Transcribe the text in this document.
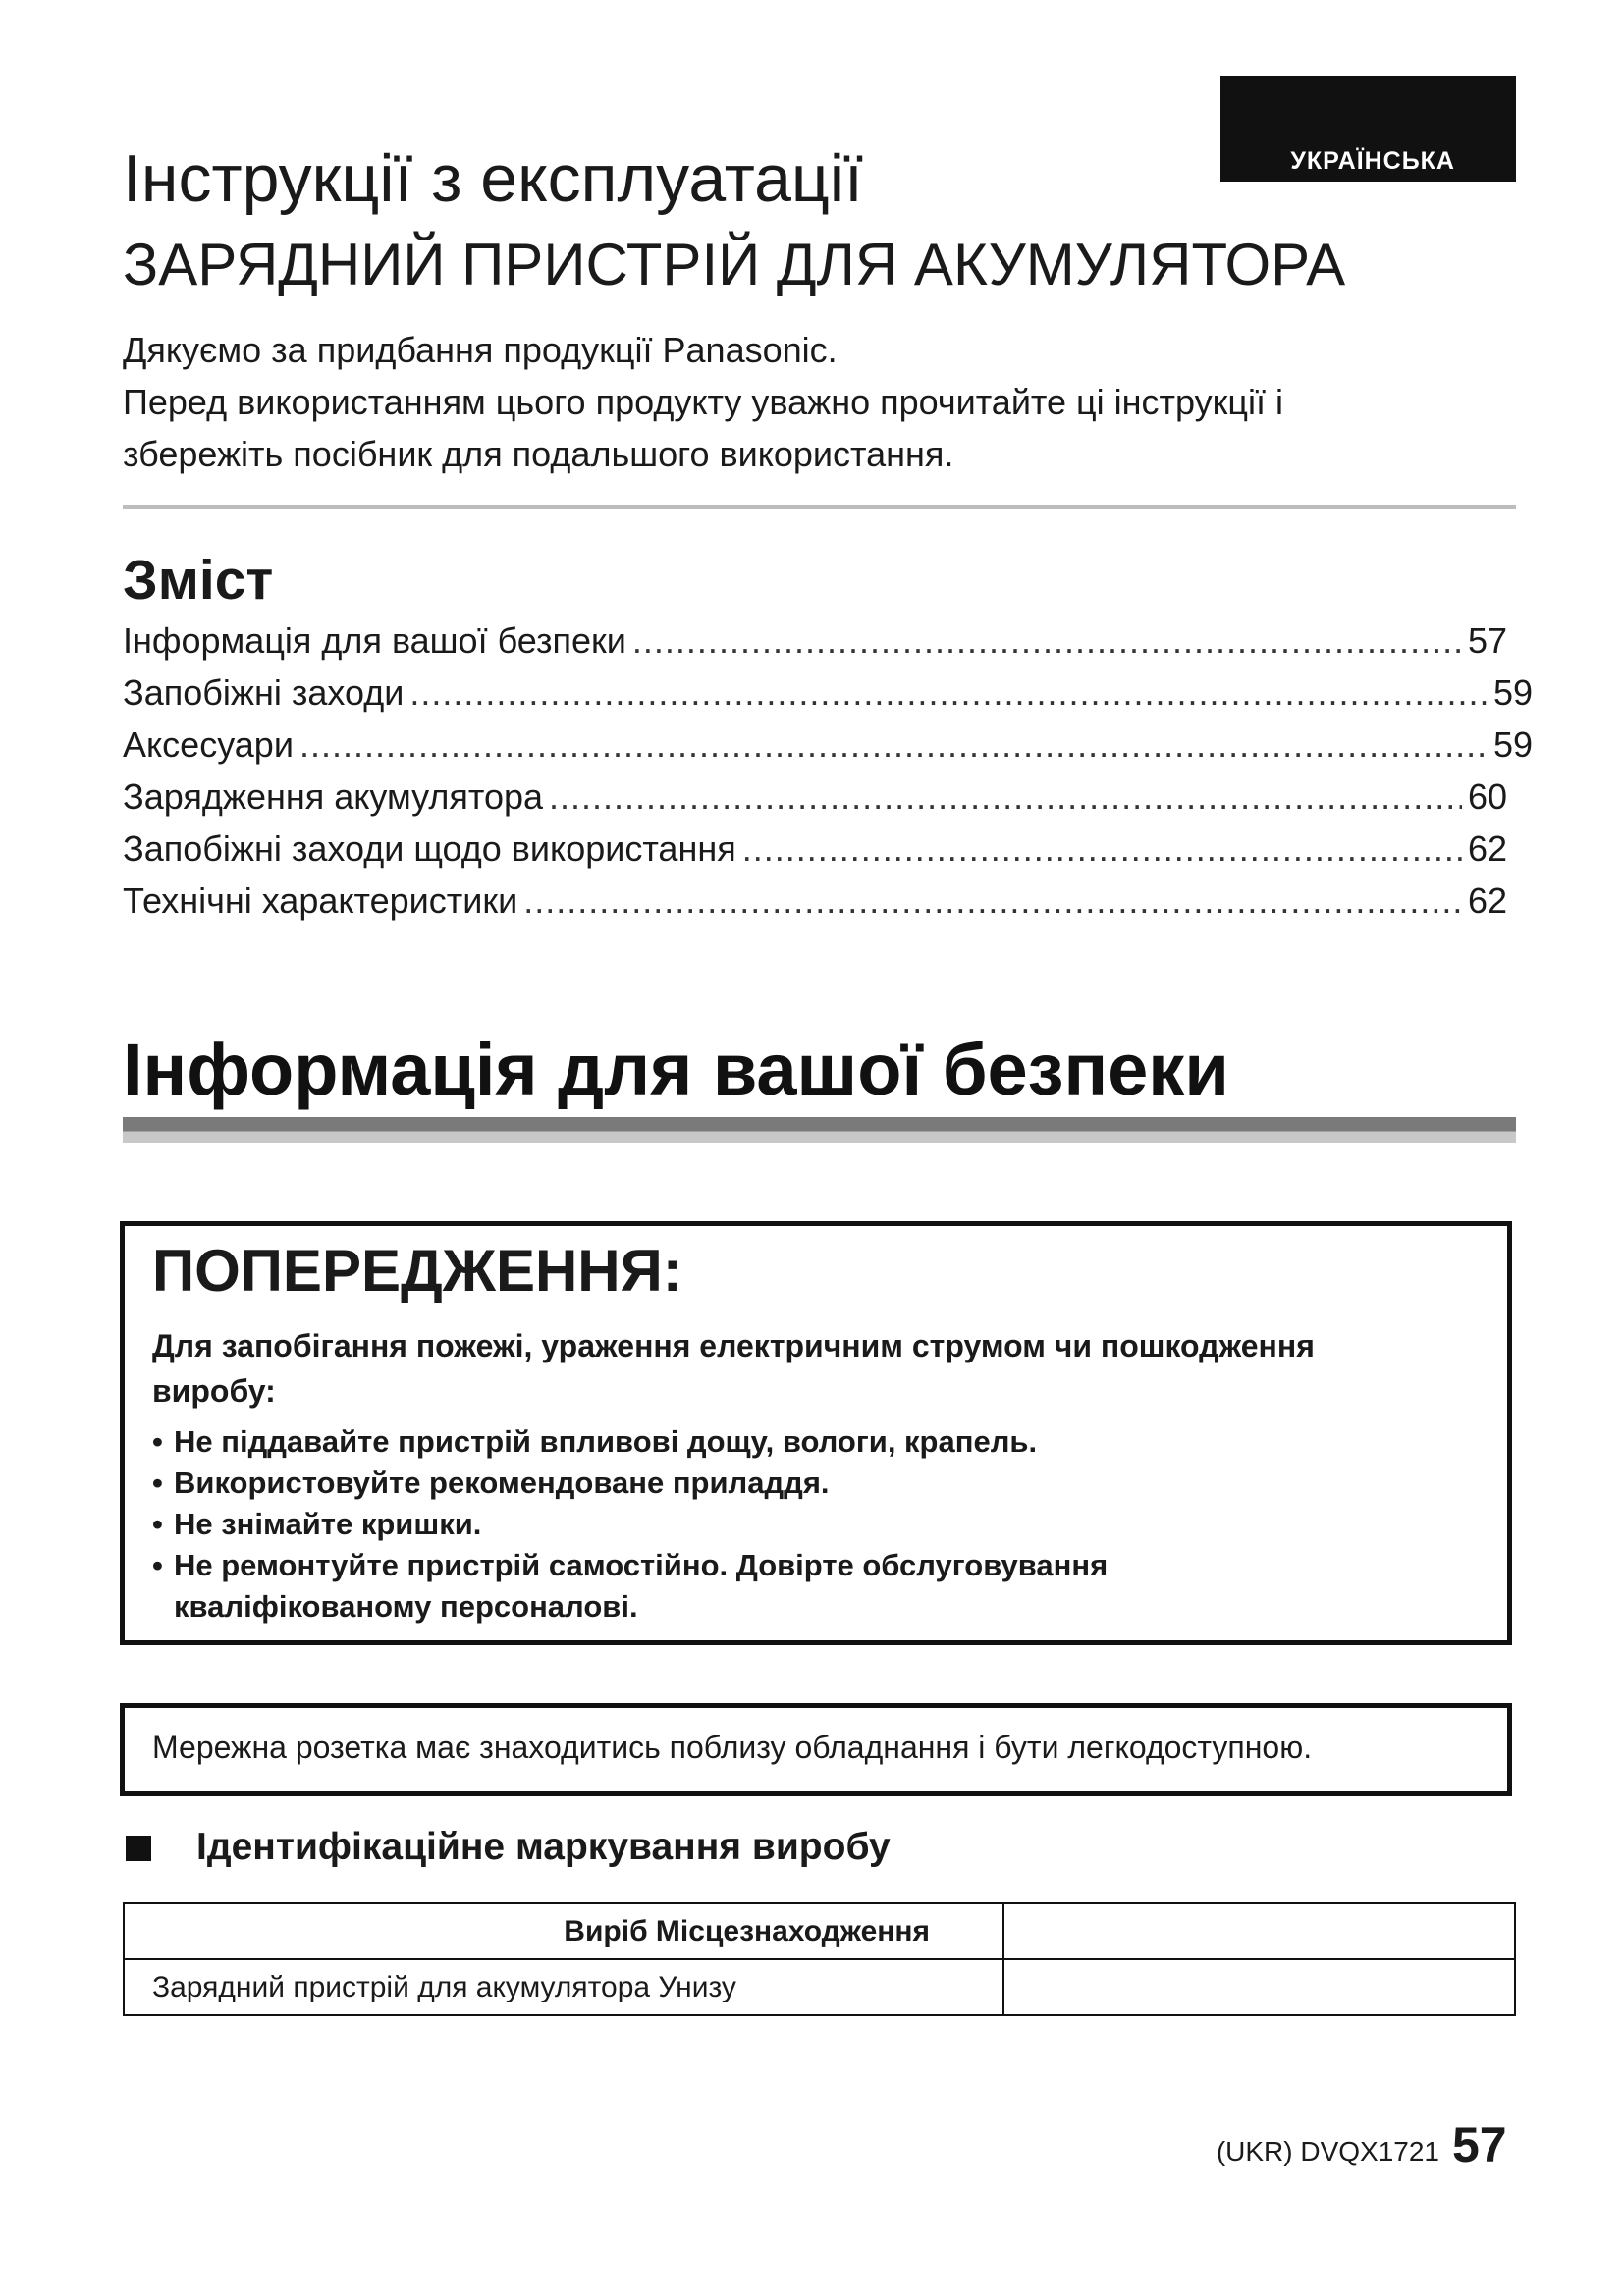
УКРАЇНСЬКА
Інструкції з експлуатації
ЗАРЯДНИЙ ПРИСТРІЙ ДЛЯ АКУМУЛЯТОРА
Дякуємо за придбання продукції Panasonic.
Перед використанням цього продукту уважно прочитайте ці інструкції і
збережіть посібник для подальшого використання.
Зміст
Інформація для вашої безпеки .....	57
Запобіжні заходи .....	59
Аксесуари .....	59
Зарядження акумулятора .....	60
Запобіжні заходи щодо використання .....	62
Технічні характеристики .....	62
Інформація для вашої безпеки
ПОПЕРЕДЖЕННЯ:
Для запобігання пожежі, ураження електричним струмом чи пошкодження
виробу:
• Не піддавайте пристрій впливові дощу, вологи, крапель.
• Використовуйте рекомендоване приладдя.
• Не знімайте кришки.
• Не ремонтуйте пристрій самостійно. Довірте обслуговування кваліфікованому персоналові.
Мережна розетка має знаходитись поблизу обладнання і бути легкодоступною.
Ідентифікаційне маркування виробу
Виріб Місцезнаходження	
Зарядний пристрій для акумулятора Унизу	
(UKR) DVQX1721 57
